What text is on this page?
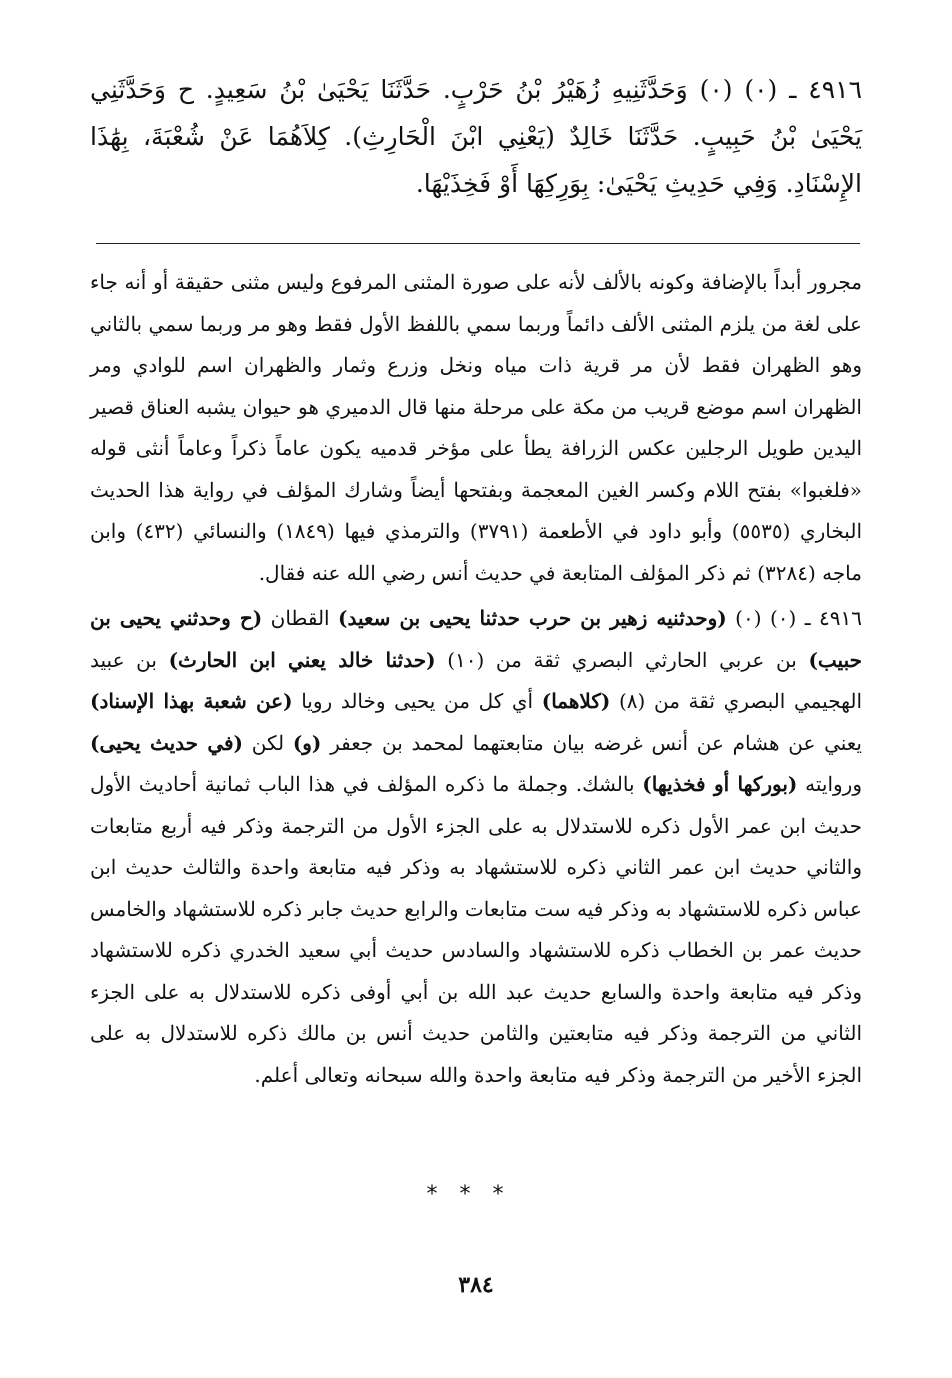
٤٩١٦ ـ (٠) (٠) وَحَدَّثَنِيهِ زُهَيْرُ بْنُ حَرْبٍ. حَدَّثَنَا يَحْيَىٰ بْنُ سَعِيدٍ. ح وَحَدَّثَنِي يَحْيَىٰ بْنُ حَبِيبٍ. حَدَّثَنَا خَالِدٌ (يَعْنِي ابْنَ الْحَارِثِ). كِلاَهُمَا عَنْ شُعْبَةَ، بِهَٰذَا الإِسْنَادِ. وَفِي حَدِيثِ يَحْيَىٰ: بِوَرِكِهَا أَوْ فَخِذَيْهَا.

مجرور أبداً بالإضافة وكونه بالألف لأنه على صورة المثنى المرفوع وليس مثنى حقيقة أو أنه جاء على لغة من يلزم المثنى الألف دائماً وربما سمي باللفظ الأول فقط وهو مر وربما سمي بالثاني وهو الظهران فقط لأن مر قرية ذات مياه ونخل وزرع وثمار والظهران اسم للوادي ومر الظهران اسم موضع قريب من مكة على مرحلة منها قال الدميري هو حيوان يشبه العناق قصير اليدين طويل الرجلين عكس الزرافة يطأ على مؤخر قدميه يكون عاماً ذكراً وعاماً أنثى قوله «فلغبوا» بفتح اللام وكسر الغين المعجمة وبفتحها أيضاً وشارك المؤلف في رواية هذا الحديث البخاري (٥٥٣٥) وأبو داود في الأطعمة (٣٧٩١) والترمذي فيها (١٨٤٩) والنسائي (٤٣٢) وابن ماجه (٣٢٨٤) ثم ذكر المؤلف المتابعة في حديث أنس رضي الله عنه فقال.

٤٩١٦ ـ (٠) (٠) (وحدثنيه زهير بن حرب حدثنا يحيى بن سعيد) القطان (ح وحدثني يحيى بن حبيب) بن عربي الحارثي البصري ثقة من (١٠) (حدثنا خالد يعني ابن الحارث) بن عبيد الهجيمي البصري ثقة من (٨) (كلاهما) أي كل من يحيى وخالد رويا (عن شعبة بهذا الإسناد) يعني عن هشام عن أنس غرضه بيان متابعتهما لمحمد بن جعفر (و) لكن (في حديث يحيى) وروايته (بوركها أو فخذيها) بالشك. وجملة ما ذكره المؤلف في هذا الباب ثمانية أحاديث الأول حديث ابن عمر الأول ذكره للاستدلال به على الجزء الأول من الترجمة وذكر فيه أربع متابعات والثاني حديث ابن عمر الثاني ذكره للاستشهاد به وذكر فيه متابعة واحدة والثالث حديث ابن عباس ذكره للاستشهاد به وذكر فيه ست متابعات والرابع حديث جابر ذكره للاستشهاد والخامس حديث عمر بن الخطاب ذكره للاستشهاد والسادس حديث أبي سعيد الخدري ذكره للاستشهاد وذكر فيه متابعة واحدة والسابع حديث عبد الله بن أبي أوفى ذكره للاستدلال به على الجزء الثاني من الترجمة وذكر فيه متابعتين والثامن حديث أنس بن مالك ذكره للاستدلال به على الجزء الأخير من الترجمة وذكر فيه متابعة واحدة والله سبحانه وتعالى أعلم.

***
٣٨٤
